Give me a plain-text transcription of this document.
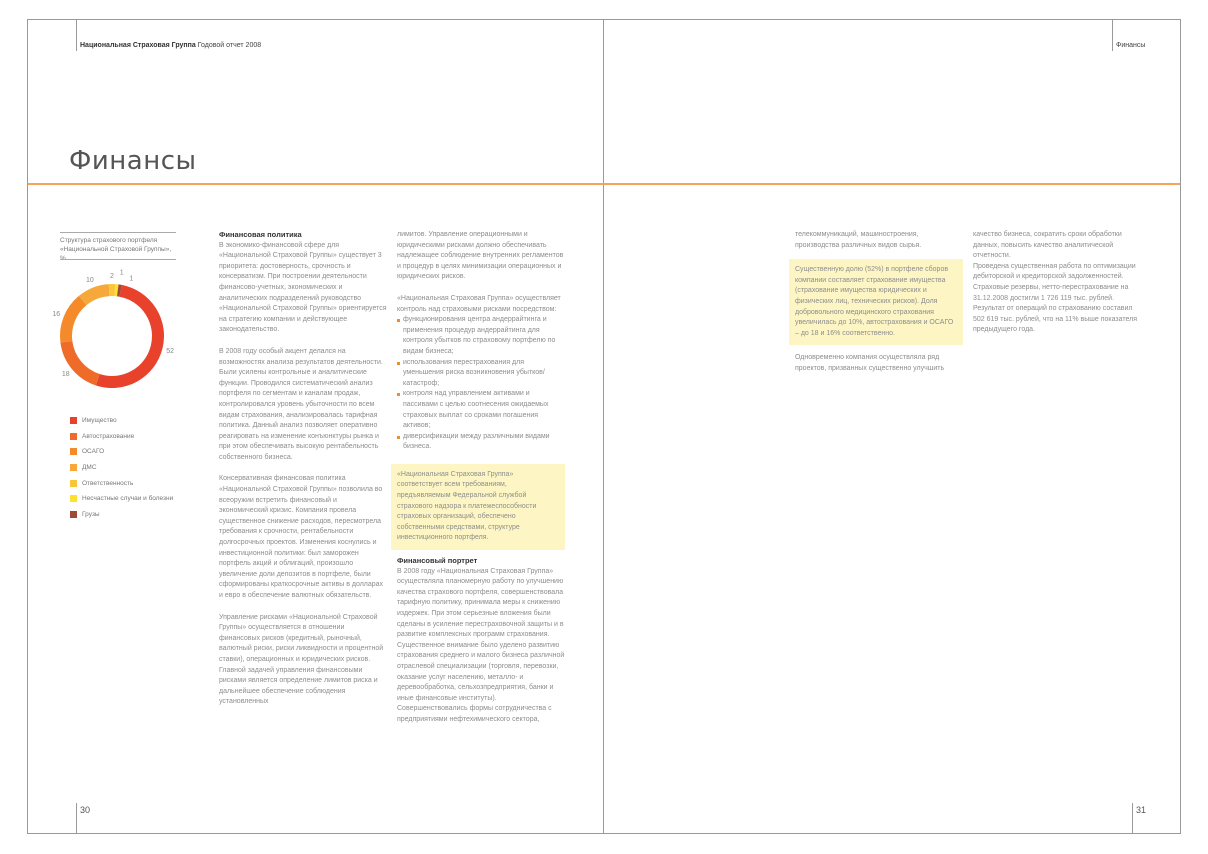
Национальная Страховая Группа Годовой отчет 2008	Финансы
Финансы
30	31
Структура страхового портфеля «Национальной Страховой Группы»,
52
18
16
10
2
1
1
Имущество
Автострахование
ОСАГО
ДМС
Ответственность
Несчастные случаи и болезни
Грузы
Финансовая политика

В экономико-финансовой сфере для «Национальной Страховой Группы» существует 3 приоритета: достоверность, срочность и консерватизм. При построении деятельности финансово-учетных, экономических и аналитических подразделений руководство «Национальной Страховой Группы» ориентируется на стратегию компании и действующее законодательство.

В 2008 году особый акцент делался на возможностях анализа результатов деятельности. Были усилены контрольные и аналитические функции. Проводился систематический анализ портфеля по сегментам и каналам продаж, контролировался уровень убыточности по всем видам страхования, анализировалась тарифная политика. Данный анализ позволяет оперативно реагировать на изменение конъюнктуры рынка и при этом обеспечивать высокую рентабельность собственного бизнеса.

Консервативная финансовая политика «Национальной Страховой Группы» позволила во всеоружии встретить финансовый и экономический кризис. Компания провела существенное снижение расходов, пересмотрела требования к срочности, рентабельности долгосрочных проектов. Изменения коснулись и инвестиционной политики: был заморожен портфель акций и облигаций, произошло увеличение доли депозитов в портфеле, были сформированы краткосрочные активы в долларах и евро в обеспечение валютных обязательств.

Управление рисками «Национальной Страховой Группы» осуществляется в отношении финансовых рисков (кредитный, рыночный, валютный риски, риски ликвидности и процентной ставки), операционных и юридических рисков. Главной задачей управления финансовыми рисками является определение лимитов риска и дальнейшее обеспечение соблюдения установленных

лимитов. Управление операционными и юридическими рисками должно обеспечивать надлежащее соблюдение внутренних регламентов и процедур в целях минимизации операционных и юридических рисков.

«Национальная Страховая Группа» осуществляет контроль над страховыми рисками посредством:

функционирования центра андеррайтинга и применения процедур андеррайтинга для контроля убытков по страховому портфелю по видам бизнеса;
использования перестрахования для уменьшения риска возникновения убытков/катастроф;
контроля над управлением активами и пассивами с целью соотнесения ожидаемых страховых выплат со сроками погашения активов;
диверсификации между различными видами бизнеса.

«Национальная Страховая Группа» соответствует всем требованиям, предъявляемым Федеральной службой страхового надзора к платежеспособности страховых организаций, обеспечено собственными средствами, структуре инвестиционного портфеля.

Финансовый портрет

В 2008 году «Национальная Страховая Группа» осуществляла планомерную работу по улучшению качества страхового портфеля, совершенствовала тарифную политику, принимала меры к снижению издержек. При этом серьезные вложения были сделаны в усиление перестраховочной защиты и в развитие комплексных программ страхования. Существенное внимание было уделено развитию страхования среднего и малого бизнеса различной отраслевой специализации (торговля, перевозки, оказание услуг населению, металло- и деревообработка, сельхозпредприятия, банки и иные финансовые институты). Совершенствовались формы сотрудничества с предприятиями нефтехимического сектора,

телекоммуникаций, машиностроения, производства различных видов сырья.

Существенную долю (52%) в портфеле сборов компании составляет страхование имущества (страхование имущества юридических и физических лиц, технических рисков). Доля добровольного медицинского страхования увеличилась до 10%, автострахования и ОСАГО – до 18 и 16% соответственно.

Одновременно компания осуществляла ряд проектов, призванных существенно улучшить

качество бизнеса, сократить сроки обработки данных, повысить качество аналитической отчетности.

Проведена существенная работа по оптимизации дебиторской и кредиторской задолженностей.

Страховые резервы, нетто-перестрахование на 31.12.2008 достигли 1 726 119 тыс. рублей. Результат от операций по страхованию составил 502 619 тыс. рублей, что на 11% выше показателя предыдущего года.
